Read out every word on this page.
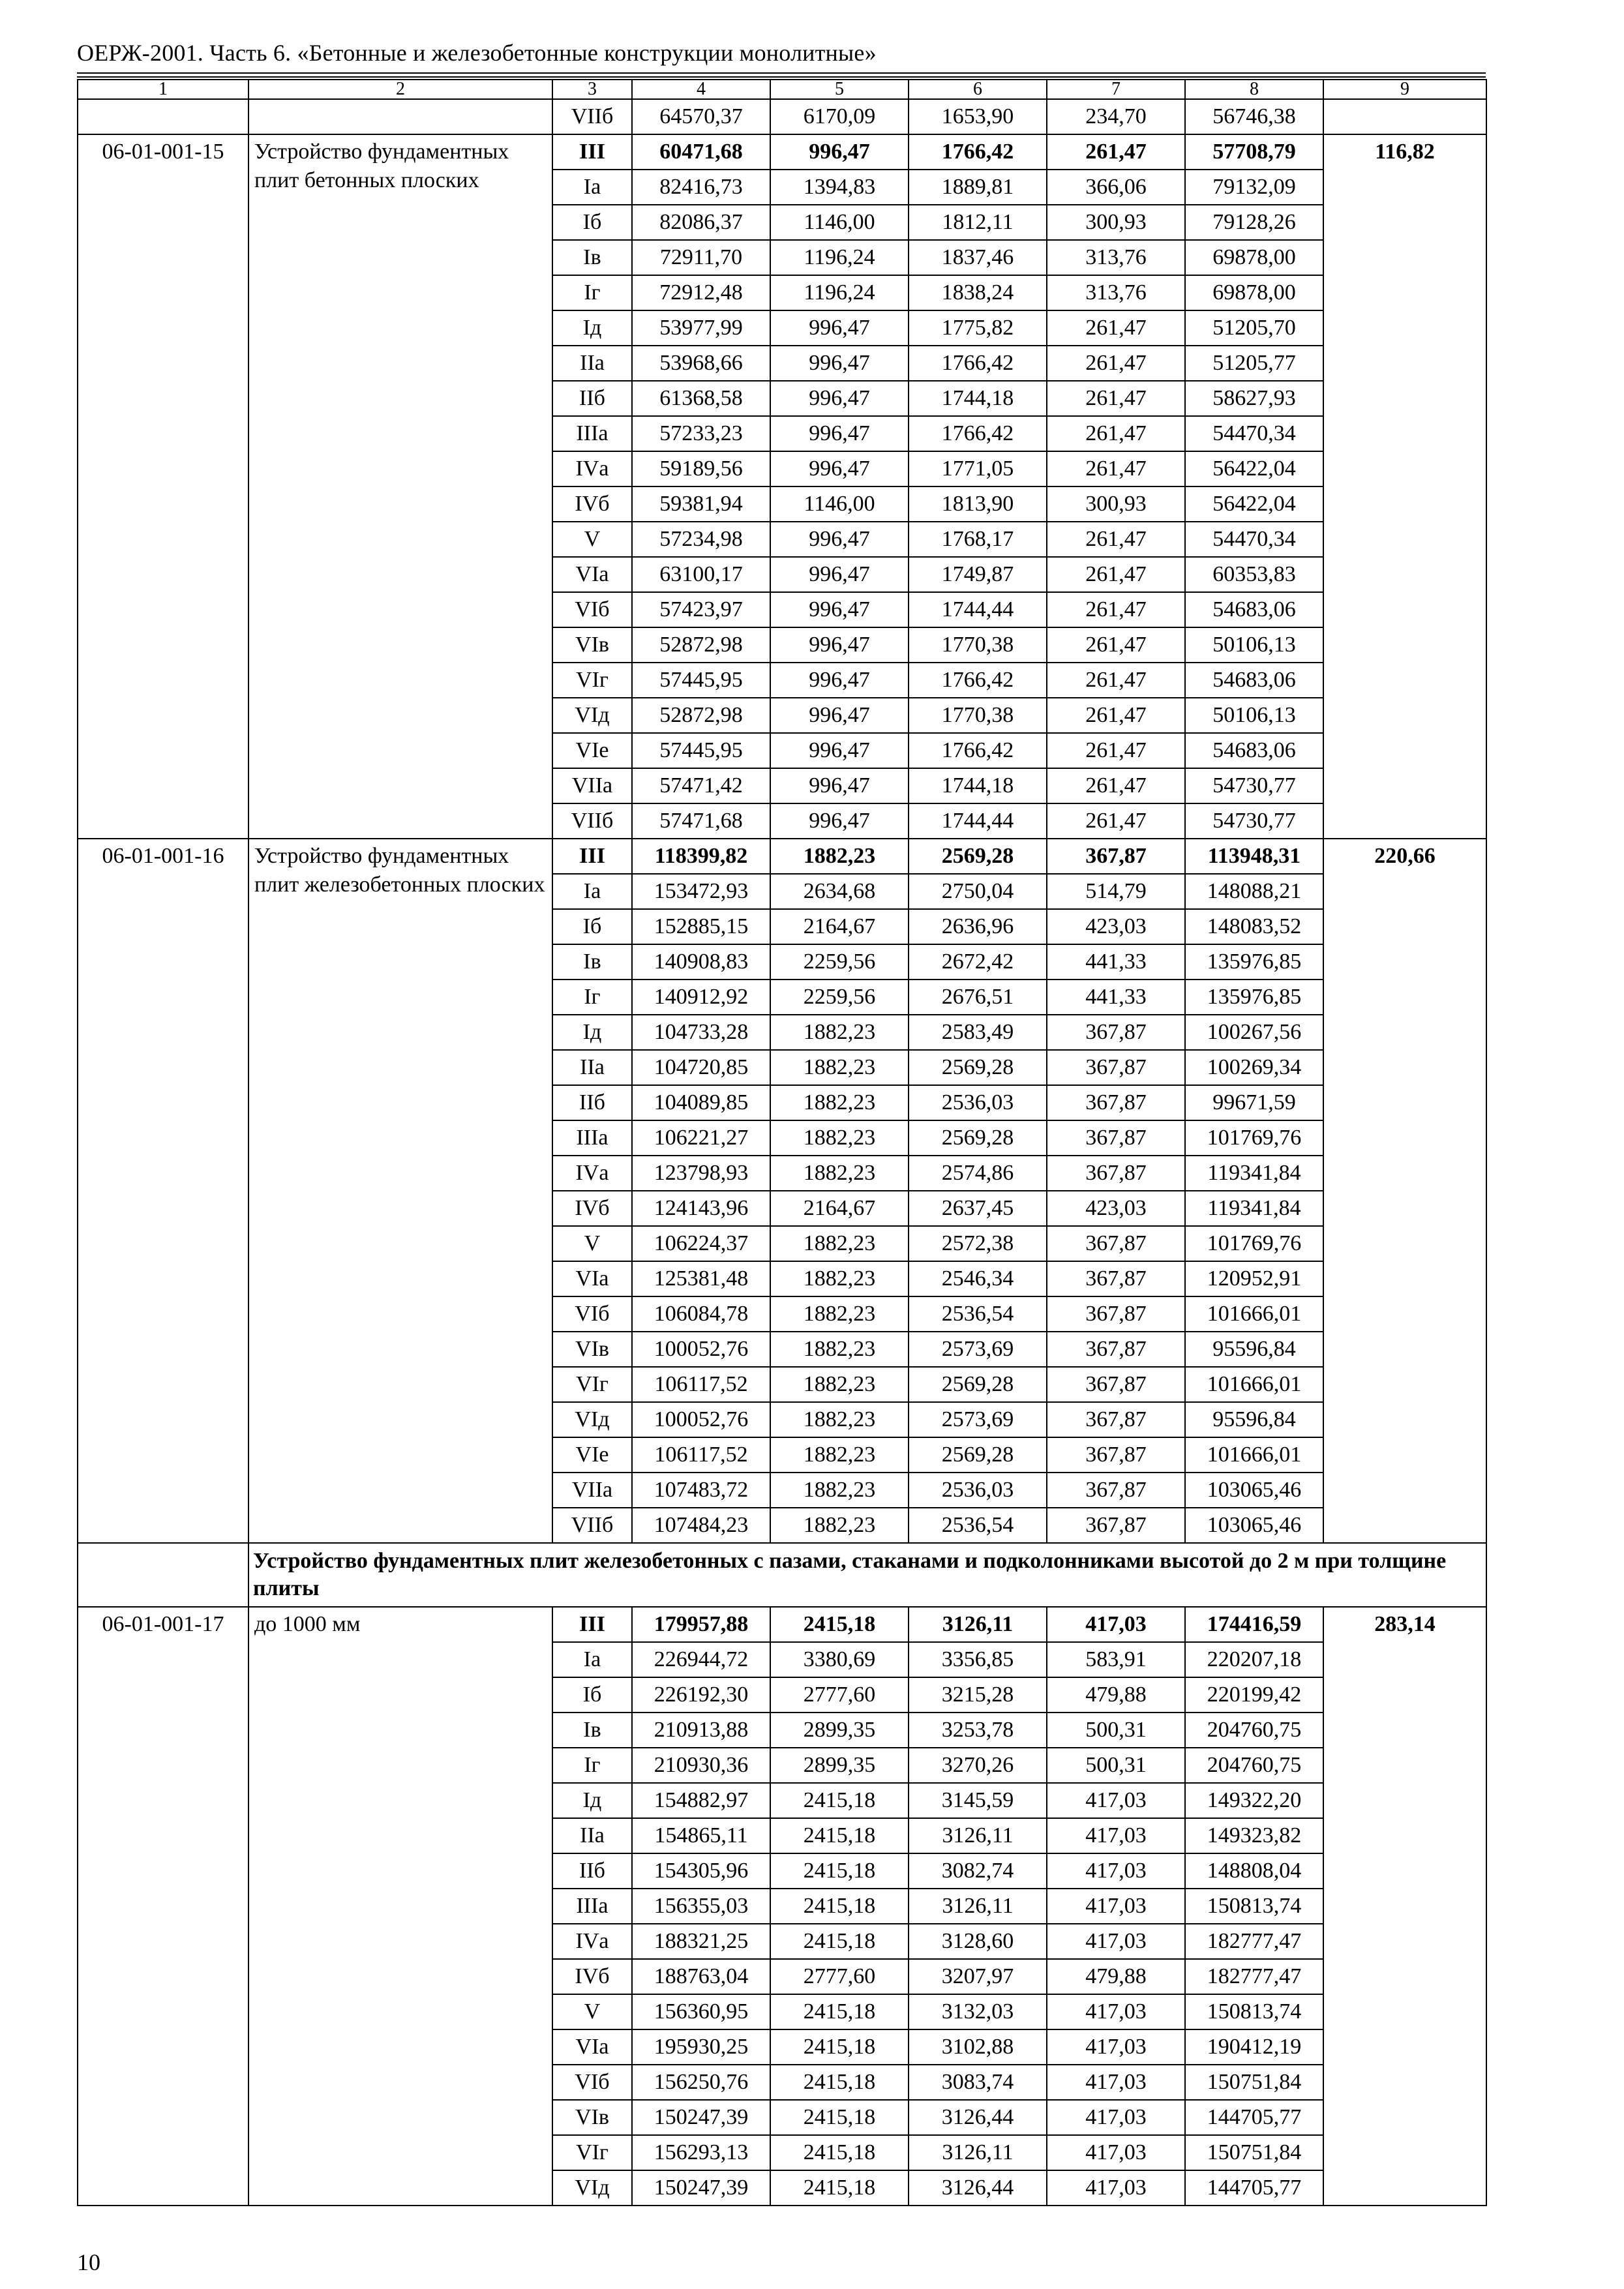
ОЕРЖ-2001. Часть 6. «Бетонные и железобетонные конструкции монолитные»
1	2	3	4	5	6	7	8	9
		VIIб	64570,37	6170,09	1653,90	234,70	56746,38	
06-01-001-15	Устройство фундаментных плит бетонных плоских	III	60471,68	996,47	1766,42	261,47	57708,79	116,82
		Iа	82416,73	1394,83	1889,81	366,06	79132,09	
		Iб	82086,37	1146,00	1812,11	300,93	79128,26	
		Iв	72911,70	1196,24	1837,46	313,76	69878,00	
		Iг	72912,48	1196,24	1838,24	313,76	69878,00	
		Iд	53977,99	996,47	1775,82	261,47	51205,70	
		IIа	53968,66	996,47	1766,42	261,47	51205,77	
		IIб	61368,58	996,47	1744,18	261,47	58627,93	
		IIIа	57233,23	996,47	1766,42	261,47	54470,34	
		IVа	59189,56	996,47	1771,05	261,47	56422,04	
		IVб	59381,94	1146,00	1813,90	300,93	56422,04	
		V	57234,98	996,47	1768,17	261,47	54470,34	
		VIа	63100,17	996,47	1749,87	261,47	60353,83	
		VIб	57423,97	996,47	1744,44	261,47	54683,06	
		VIв	52872,98	996,47	1770,38	261,47	50106,13	
		VIг	57445,95	996,47	1766,42	261,47	54683,06	
		VIд	52872,98	996,47	1770,38	261,47	50106,13	
		VIе	57445,95	996,47	1766,42	261,47	54683,06	
		VIIа	57471,42	996,47	1744,18	261,47	54730,77	
		VIIб	57471,68	996,47	1744,44	261,47	54730,77	
06-01-001-16	Устройство фундаментных плит железобетонных плоских	III	118399,82	1882,23	2569,28	367,87	113948,31	220,66
		Iа	153472,93	2634,68	2750,04	514,79	148088,21	
		Iб	152885,15	2164,67	2636,96	423,03	148083,52	
		Iв	140908,83	2259,56	2672,42	441,33	135976,85	
		Iг	140912,92	2259,56	2676,51	441,33	135976,85	
		Iд	104733,28	1882,23	2583,49	367,87	100267,56	
		IIа	104720,85	1882,23	2569,28	367,87	100269,34	
		IIб	104089,85	1882,23	2536,03	367,87	99671,59	
		IIIа	106221,27	1882,23	2569,28	367,87	101769,76	
		IVа	123798,93	1882,23	2574,86	367,87	119341,84	
		IVб	124143,96	2164,67	2637,45	423,03	119341,84	
		V	106224,37	1882,23	2572,38	367,87	101769,76	
		VIа	125381,48	1882,23	2546,34	367,87	120952,91	
		VIб	106084,78	1882,23	2536,54	367,87	101666,01	
		VIв	100052,76	1882,23	2573,69	367,87	95596,84	
		VIг	106117,52	1882,23	2569,28	367,87	101666,01	
		VIд	100052,76	1882,23	2573,69	367,87	95596,84	
		VIе	106117,52	1882,23	2569,28	367,87	101666,01	
		VIIа	107483,72	1882,23	2536,03	367,87	103065,46	
		VIIб	107484,23	1882,23	2536,54	367,87	103065,46	
	Устройство фундаментных плит железобетонных с пазами, стаканами и подколонниками высотой до 2 м при толщине плиты							
06-01-001-17	до 1000 мм	III	179957,88	2415,18	3126,11	417,03	174416,59	283,14
		Iа	226944,72	3380,69	3356,85	583,91	220207,18	
		Iб	226192,30	2777,60	3215,28	479,88	220199,42	
		Iв	210913,88	2899,35	3253,78	500,31	204760,75	
		Iг	210930,36	2899,35	3270,26	500,31	204760,75	
		Iд	154882,97	2415,18	3145,59	417,03	149322,20	
		IIа	154865,11	2415,18	3126,11	417,03	149323,82	
		IIб	154305,96	2415,18	3082,74	417,03	148808,04	
		IIIа	156355,03	2415,18	3126,11	417,03	150813,74	
		IVа	188321,25	2415,18	3128,60	417,03	182777,47	
		IVб	188763,04	2777,60	3207,97	479,88	182777,47	
		V	156360,95	2415,18	3132,03	417,03	150813,74	
		VIа	195930,25	2415,18	3102,88	417,03	190412,19	
		VIб	156250,76	2415,18	3083,74	417,03	150751,84	
		VIв	150247,39	2415,18	3126,44	417,03	144705,77	
		VIг	156293,13	2415,18	3126,11	417,03	150751,84	
		VIд	150247,39	2415,18	3126,44	417,03	144705,77	
10
